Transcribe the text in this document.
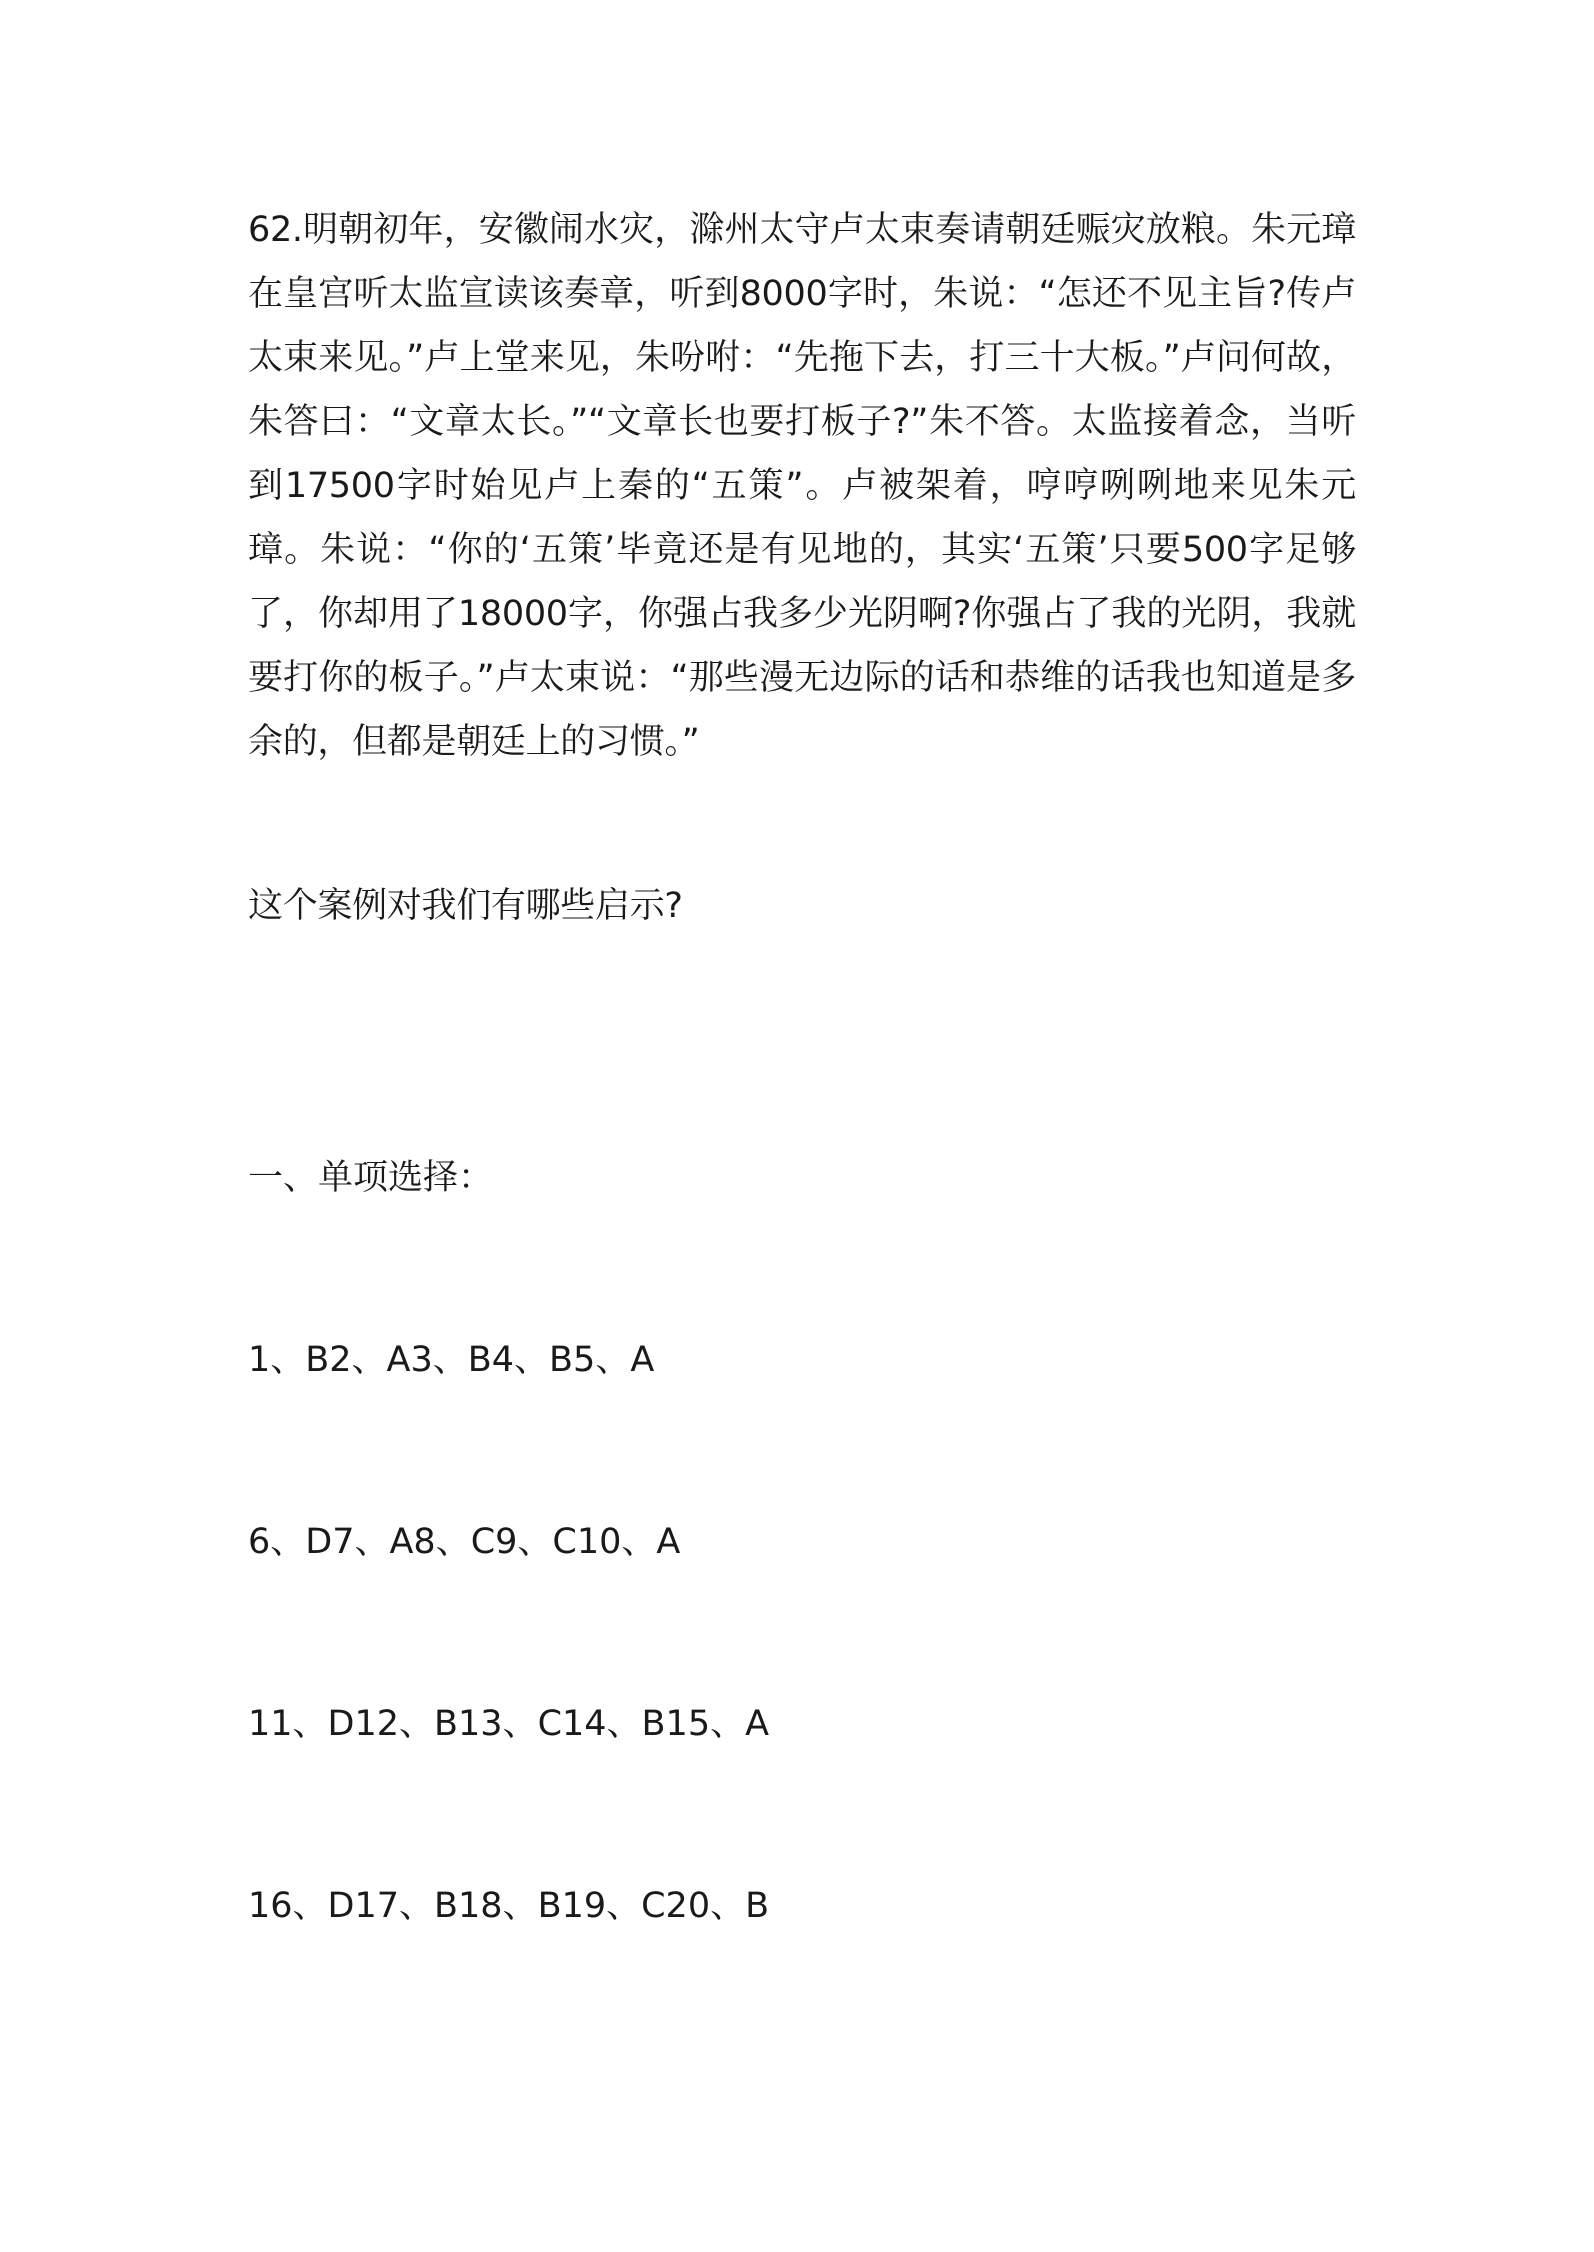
62.明朝初年，安徽闹水灾，滁州太守卢太束奏请朝廷赈灾放粮。朱元璋在皇宫听太监宣读该奏章，听到8000字时，朱说：“怎还不见主旨?传卢太束来见。”卢上堂来见，朱吩咐：“先拖下去，打三十大板。”卢问何故，朱答曰：“文章太长。”“文章长也要打板子?”朱不答。太监接着念，当听到17500字时始见卢上秦的“五策”。卢被架着，哼哼咧咧地来见朱元璋。朱说：“你的‘五策’毕竟还是有见地的，其实‘五策’只要500字足够了，你却用了18000字，你强占我多少光阴啊?你强占了我的光阴，我就要打你的板子。”卢太束说：“那些漫无边际的话和恭维的话我也知道是多余的，但都是朝廷上的习惯。”

这个案例对我们有哪些启示?

一、单项选择：
1、B2、A3、B4、B5、A
6、D7、A8、C9、C10、A
11、D12、B13、C14、B15、A
16、D17、B18、B19、C20、B
